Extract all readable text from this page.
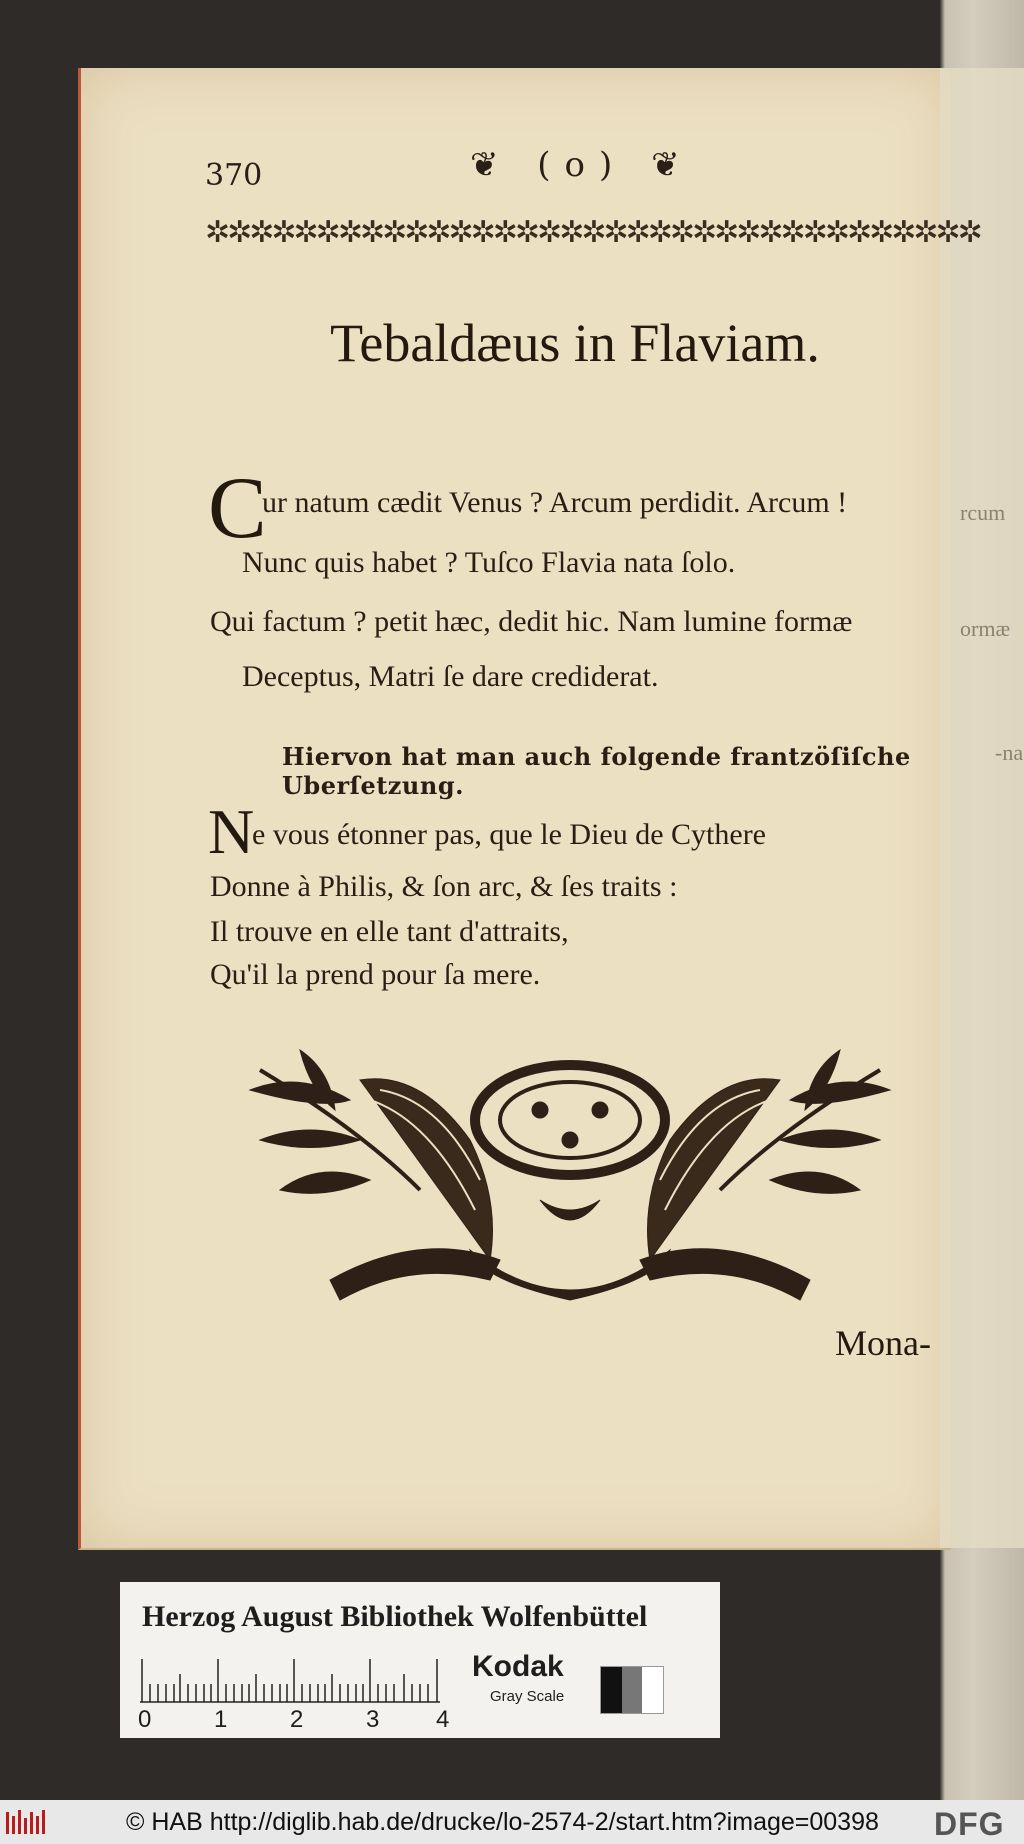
370	❦ (o) ❦
✲✲✲✲✲✲✲✲✲✲✲✲✲✲✲✲✲✲✲✲✲✲✲✲✲✲✲✲✲✲✲✲✲✲✲
Tebaldæus in Flaviam.
C
ur natum cædit Venus ? Arcum perdidit. Arcum !
Nunc quis habet ? Tuſco Flavia nata ſolo.
Qui factum ? petit hæc, dedit hic. Nam lumine formæ
Deceptus, Matri ſe dare crediderat.
rcum
ormæ
-na
Hiervon hat man auch folgende frantzöſiſche Uberſetzung.
N
e vous étonner pas, que le Dieu de Cythere
Donne à Philis, & ſon arc, & ſes traits :
Il trouve en elle tant d'attraits,
Qu'il la prend pour ſa mere.
Mona-
Herzog August Bibliothek Wolfenbüttel
0	1	2	3 4
Kodak
Gray Scale
© HAB http://diglib.hab.de/drucke/lo-2574-2/start.htm?image=00398 DFG
